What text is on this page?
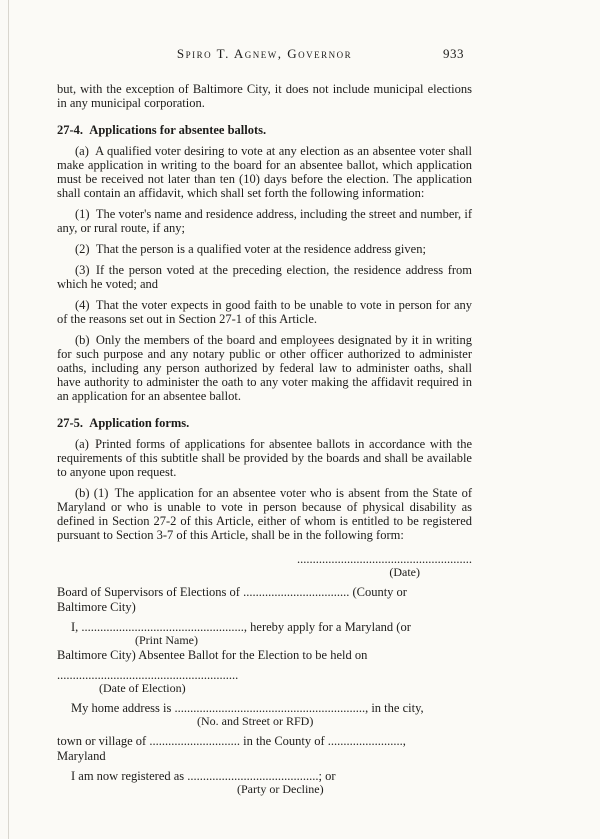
Spiro T. Agnew, Governor	933

but, with the exception of Baltimore City, it does not include municipal elections in any municipal corporation.

27-4. Applications for absentee ballots.

(a) A qualified voter desiring to vote at any election as an absentee voter shall make application in writing to the board for an absentee ballot, which application must be received not later than ten (10) days before the election. The application shall contain an affidavit, which shall set forth the following information:

(1) The voter's name and residence address, including the street and number, if any, or rural route, if any;

(2) That the person is a qualified voter at the residence address given;

(3) If the person voted at the preceding election, the residence address from which he voted; and

(4) That the voter expects in good faith to be unable to vote in person for any of the reasons set out in Section 27-1 of this Article.

(b) Only the members of the board and employees designated by it in writing for such purpose and any notary public or other officer authorized to administer oaths, including any person authorized by federal law to administer oaths, shall have authority to administer the oath to any voter making the affidavit required in an application for an absentee ballot.

27-5. Application forms.

(a) Printed forms of applications for absentee ballots in accordance with the requirements of this subtitle shall be provided by the boards and shall be available to anyone upon request.

(b) (1) The application for an absentee voter who is absent from the State of Maryland or who is unable to vote in person because of physical disability as defined in Section 27-2 of this Article, either of whom is entitled to be registered pursuant to Section 3-7 of this Article, shall be in the following form:

........................................................
(Date)
Board of Supervisors of Elections of .................................. (County or
Baltimore City)
I, ...................................................., hereby apply for a Maryland (or
(Print Name)
Baltimore City) Absentee Ballot for the Election to be held on
..........................................................
(Date of Election)
My home address is ............................................................., in the city,
(No. and Street or RFD)
town or village of ............................. in the County of ........................,
Maryland
I am now registered as ..........................................; or
(Party or Decline)
